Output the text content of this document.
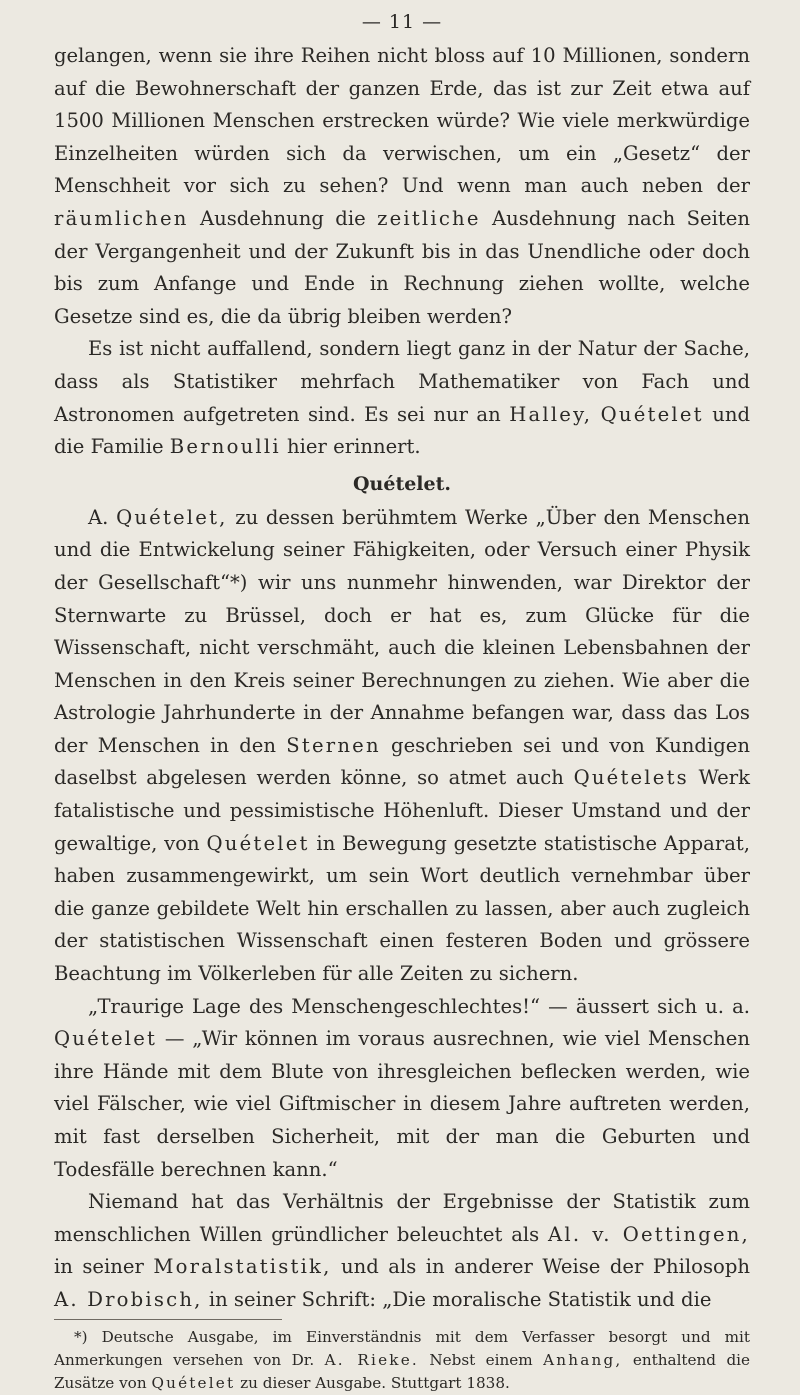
— 11 —

gelangen, wenn sie ihre Reihen nicht bloss auf 10 Millionen, sondern auf die Bewohnerschaft der ganzen Erde, das ist zur Zeit etwa auf 1500 Millionen Menschen erstrecken würde? Wie viele merkwürdige Einzelheiten würden sich da verwischen, um ein „Gesetz“ der Menschheit vor sich zu sehen? Und wenn man auch neben der räumlichen Ausdehnung die zeitliche Ausdehnung nach Seiten der Vergangenheit und der Zukunft bis in das Unendliche oder doch bis zum Anfange und Ende in Rechnung ziehen wollte, welche Gesetze sind es, die da übrig bleiben werden?

Es ist nicht auffallend, sondern liegt ganz in der Natur der Sache, dass als Statistiker mehrfach Mathematiker von Fach und Astronomen aufgetreten sind. Es sei nur an Halley, Quételet und die Familie Bernoulli hier erinnert.

Quételet.

A. Quételet, zu dessen berühmtem Werke „Über den Menschen und die Entwickelung seiner Fähigkeiten, oder Versuch einer Physik der Gesellschaft“*) wir uns nunmehr hinwenden, war Direktor der Sternwarte zu Brüssel, doch er hat es, zum Glücke für die Wissenschaft, nicht verschmäht, auch die kleinen Lebensbahnen der Menschen in den Kreis seiner Berechnungen zu ziehen. Wie aber die Astrologie Jahrhunderte in der Annahme befangen war, dass das Los der Menschen in den Sternen geschrieben sei und von Kundigen daselbst abgelesen werden könne, so atmet auch Quételets Werk fatalistische und pessimistische Höhenluft. Dieser Umstand und der gewaltige, von Quételet in Bewegung gesetzte statistische Apparat, haben zusammengewirkt, um sein Wort deutlich vernehmbar über die ganze gebildete Welt hin erschallen zu lassen, aber auch zugleich der statistischen Wissenschaft einen festeren Boden und grössere Beachtung im Völkerleben für alle Zeiten zu sichern.

„Traurige Lage des Menschengeschlechtes!“ — äussert sich u. a. Quételet — „Wir können im voraus ausrechnen, wie viel Menschen ihre Hände mit dem Blute von ihresgleichen beflecken werden, wie viel Fälscher, wie viel Giftmischer in diesem Jahre auftreten werden, mit fast derselben Sicherheit, mit der man die Geburten und Todesfälle berechnen kann.“

Niemand hat das Verhältnis der Ergebnisse der Statistik zum menschlichen Willen gründlicher beleuchtet als Al. v. Oettingen, in seiner Moralstatistik, und als in anderer Weise der Philosoph A. Drobisch, in seiner Schrift: „Die moralische Statistik und die

*) Deutsche Ausgabe, im Einverständnis mit dem Verfasser besorgt und mit Anmerkungen versehen von Dr. A. Rieke. Nebst einem Anhang, enthaltend die Zusätze von Quételet zu dieser Ausgabe. Stuttgart 1838.
